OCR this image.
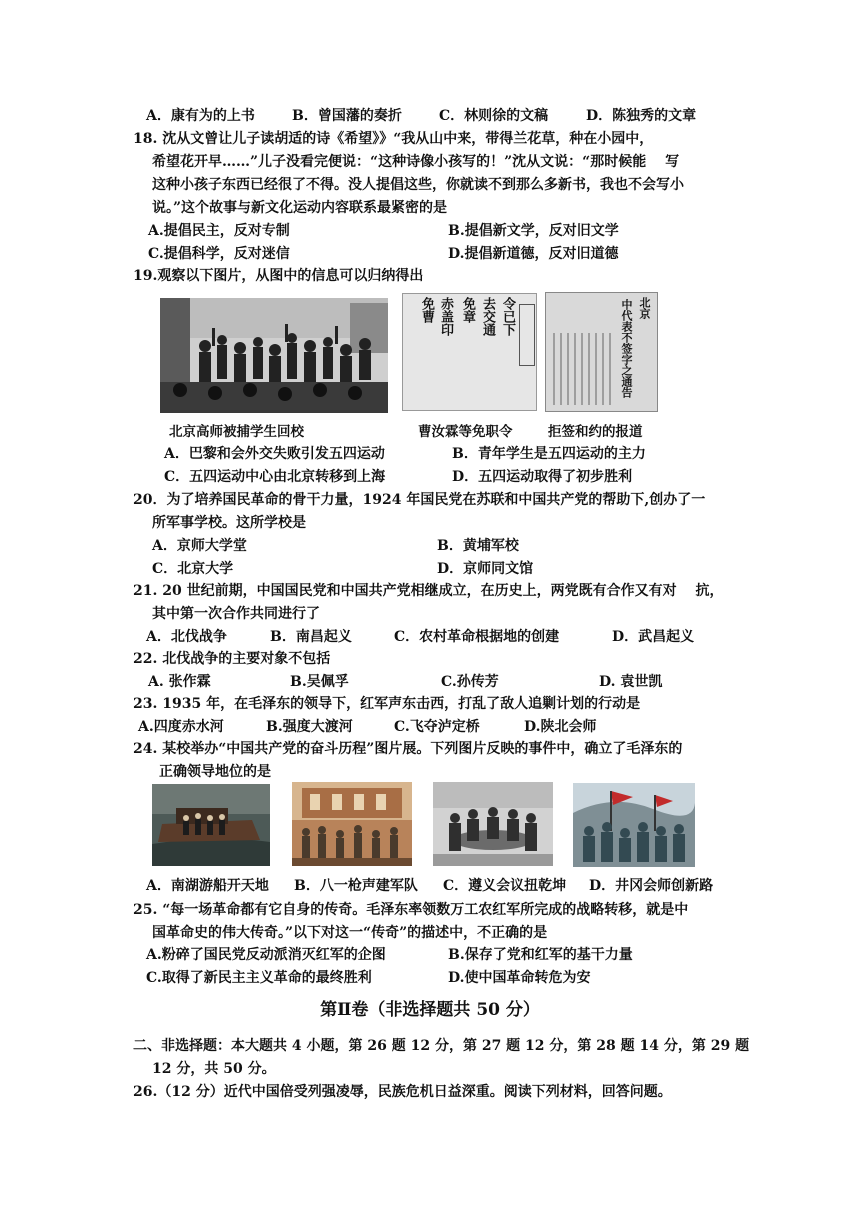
A．康有为的上书	B．曾国藩的奏折	C．林则徐的文稿	D．陈独秀的文章
18. 沈从文曾让儿子读胡适的诗《希望》》“我从山中来，带得兰花草，种在小园中，
希望花开早……”儿子没看完便说：“这种诗像小孩写的！”沈从文说：“那时候能　 写
这种小孩子东西已经很了不得。没人提倡这些，你就读不到那么多新书，我也不会写小
说。”这个故事与新文化运动内容联系最紧密的是
A.提倡民主，反对专制	B.提倡新文学，反对旧文学
C.提倡科学，反对迷信	D.提倡新道德，反对旧道德
19.观察以下图片，从图中的信息可以归纳得出
免曹 赤盖印 免章 去交通 令已下	中代表不签字之通告 北京
北京高师被捕学生回校	曹汝霖等免职令	拒签和约的报道
A．巴黎和会外交失败引发五四运动	B．青年学生是五四运动的主力
C．五四运动中心由北京转移到上海	D．五四运动取得了初步胜利
20．为了培养国民革命的骨干力量，1924 年国民党在苏联和中国共产党的帮助下,创办了一
所军事学校。这所学校是
A．京师大学堂	B．黄埔军校
C．北京大学	D．京师同文馆
21. 20 世纪前期，中国国民党和中国共产党相继成立，在历史上，两党既有合作又有对　 抗，
其中第一次合作共同进行了
A．北伐战争	B．南昌起义	C．农村革命根据地的创建	D．武昌起义
22. 北伐战争的主要对象不包括
A. 张作霖	B.吴佩孚	C.孙传芳	D. 袁世凯
23. 1935 年，在毛泽东的领导下，红军声东击西，打乱了敌人追剿计划的行动是
A.四度赤水河	B.强度大渡河	C.飞夺泸定桥	D.陕北会师
24. 某校举办“中国共产党的奋斗历程”图片展。下列图片反映的事件中，确立了毛泽东的
正确领导地位的是
A．南湖游船开天地 B．八一枪声建军队 C．遵义会议扭乾坤 D．井冈会师创新路
25. “每一场革命都有它自身的传奇。毛泽东率领数万工农红军所完成的战略转移，就是中
国革命史的伟大传奇。”以下对这一“传奇”的描述中，不正确的是
A.粉碎了国民党反动派消灭红军的企图	B.保存了党和红军的基干力量
C.取得了新民主主义革命的最终胜利	D.使中国革命转危为安
第Ⅱ卷（非选择题共 50 分）
二、非选择题：本大题共 4 小题，第 26 题 12 分，第 27 题 12 分，第 28 题 14 分，第 29 题
12 分，共 50 分。
26.（12 分）近代中国倍受列强凌辱，民族危机日益深重。阅读下列材料，回答问题。
